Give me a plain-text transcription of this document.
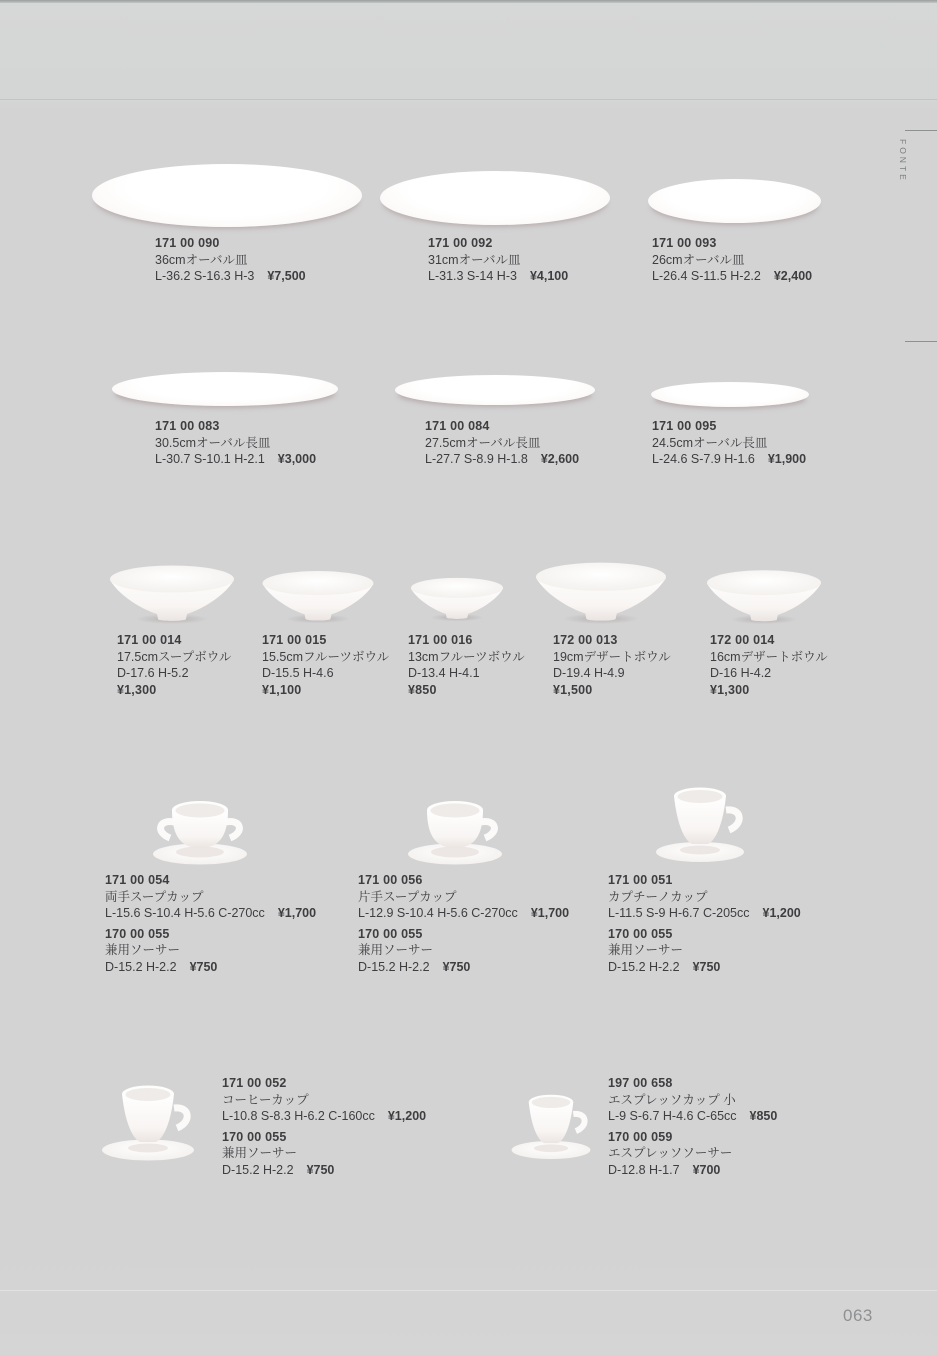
171 00 090
36cmオーバル皿
L-36.2 S-16.3 H-3 ¥7,500
171 00 092
31cmオーバル皿
L-31.3 S-14 H-3 ¥4,100
171 00 093
26cmオーバル皿
L-26.4 S-11.5 H-2.2 ¥2,400
171 00 083
30.5cmオーバル長皿
L-30.7 S-10.1 H-2.1 ¥3,000
171 00 084
27.5cmオーバル長皿
L-27.7 S-8.9 H-1.8 ¥2,600
171 00 095
24.5cmオーバル長皿
L-24.6 S-7.9 H-1.6 ¥1,900
171 00 014
17.5cmスープボウル
D-17.6 H-5.2
¥1,300
171 00 015
15.5cmフルーツボウル
D-15.5 H-4.6
¥1,100
171 00 016
13cmフルーツボウル
D-13.4 H-4.1
¥850
172 00 013
19cmデザートボウル
D-19.4 H-4.9
¥1,500
172 00 014
16cmデザートボウル
D-16 H-4.2
¥1,300
171 00 054
両手スープカップ
L-15.6 S-10.4 H-5.6 C-270cc ¥1,700
170 00 055
兼用ソーサー
D-15.2 H-2.2 ¥750
171 00 056
片手スープカップ
L-12.9 S-10.4 H-5.6 C-270cc ¥1,700
170 00 055
兼用ソーサー
D-15.2 H-2.2 ¥750
171 00 051
カプチーノカップ
L-11.5 S-9 H-6.7 C-205cc ¥1,200
170 00 055
兼用ソーサー
D-15.2 H-2.2 ¥750
171 00 052
コーヒーカップ
L-10.8 S-8.3 H-6.2 C-160cc ¥1,200
170 00 055
兼用ソーサー
D-15.2 H-2.2 ¥750
197 00 658
エスプレッソカップ 小
L-9 S-6.7 H-4.6 C-65cc ¥850
170 00 059
エスプレッソソーサー
D-12.8 H-1.7 ¥700
FONTE
063
